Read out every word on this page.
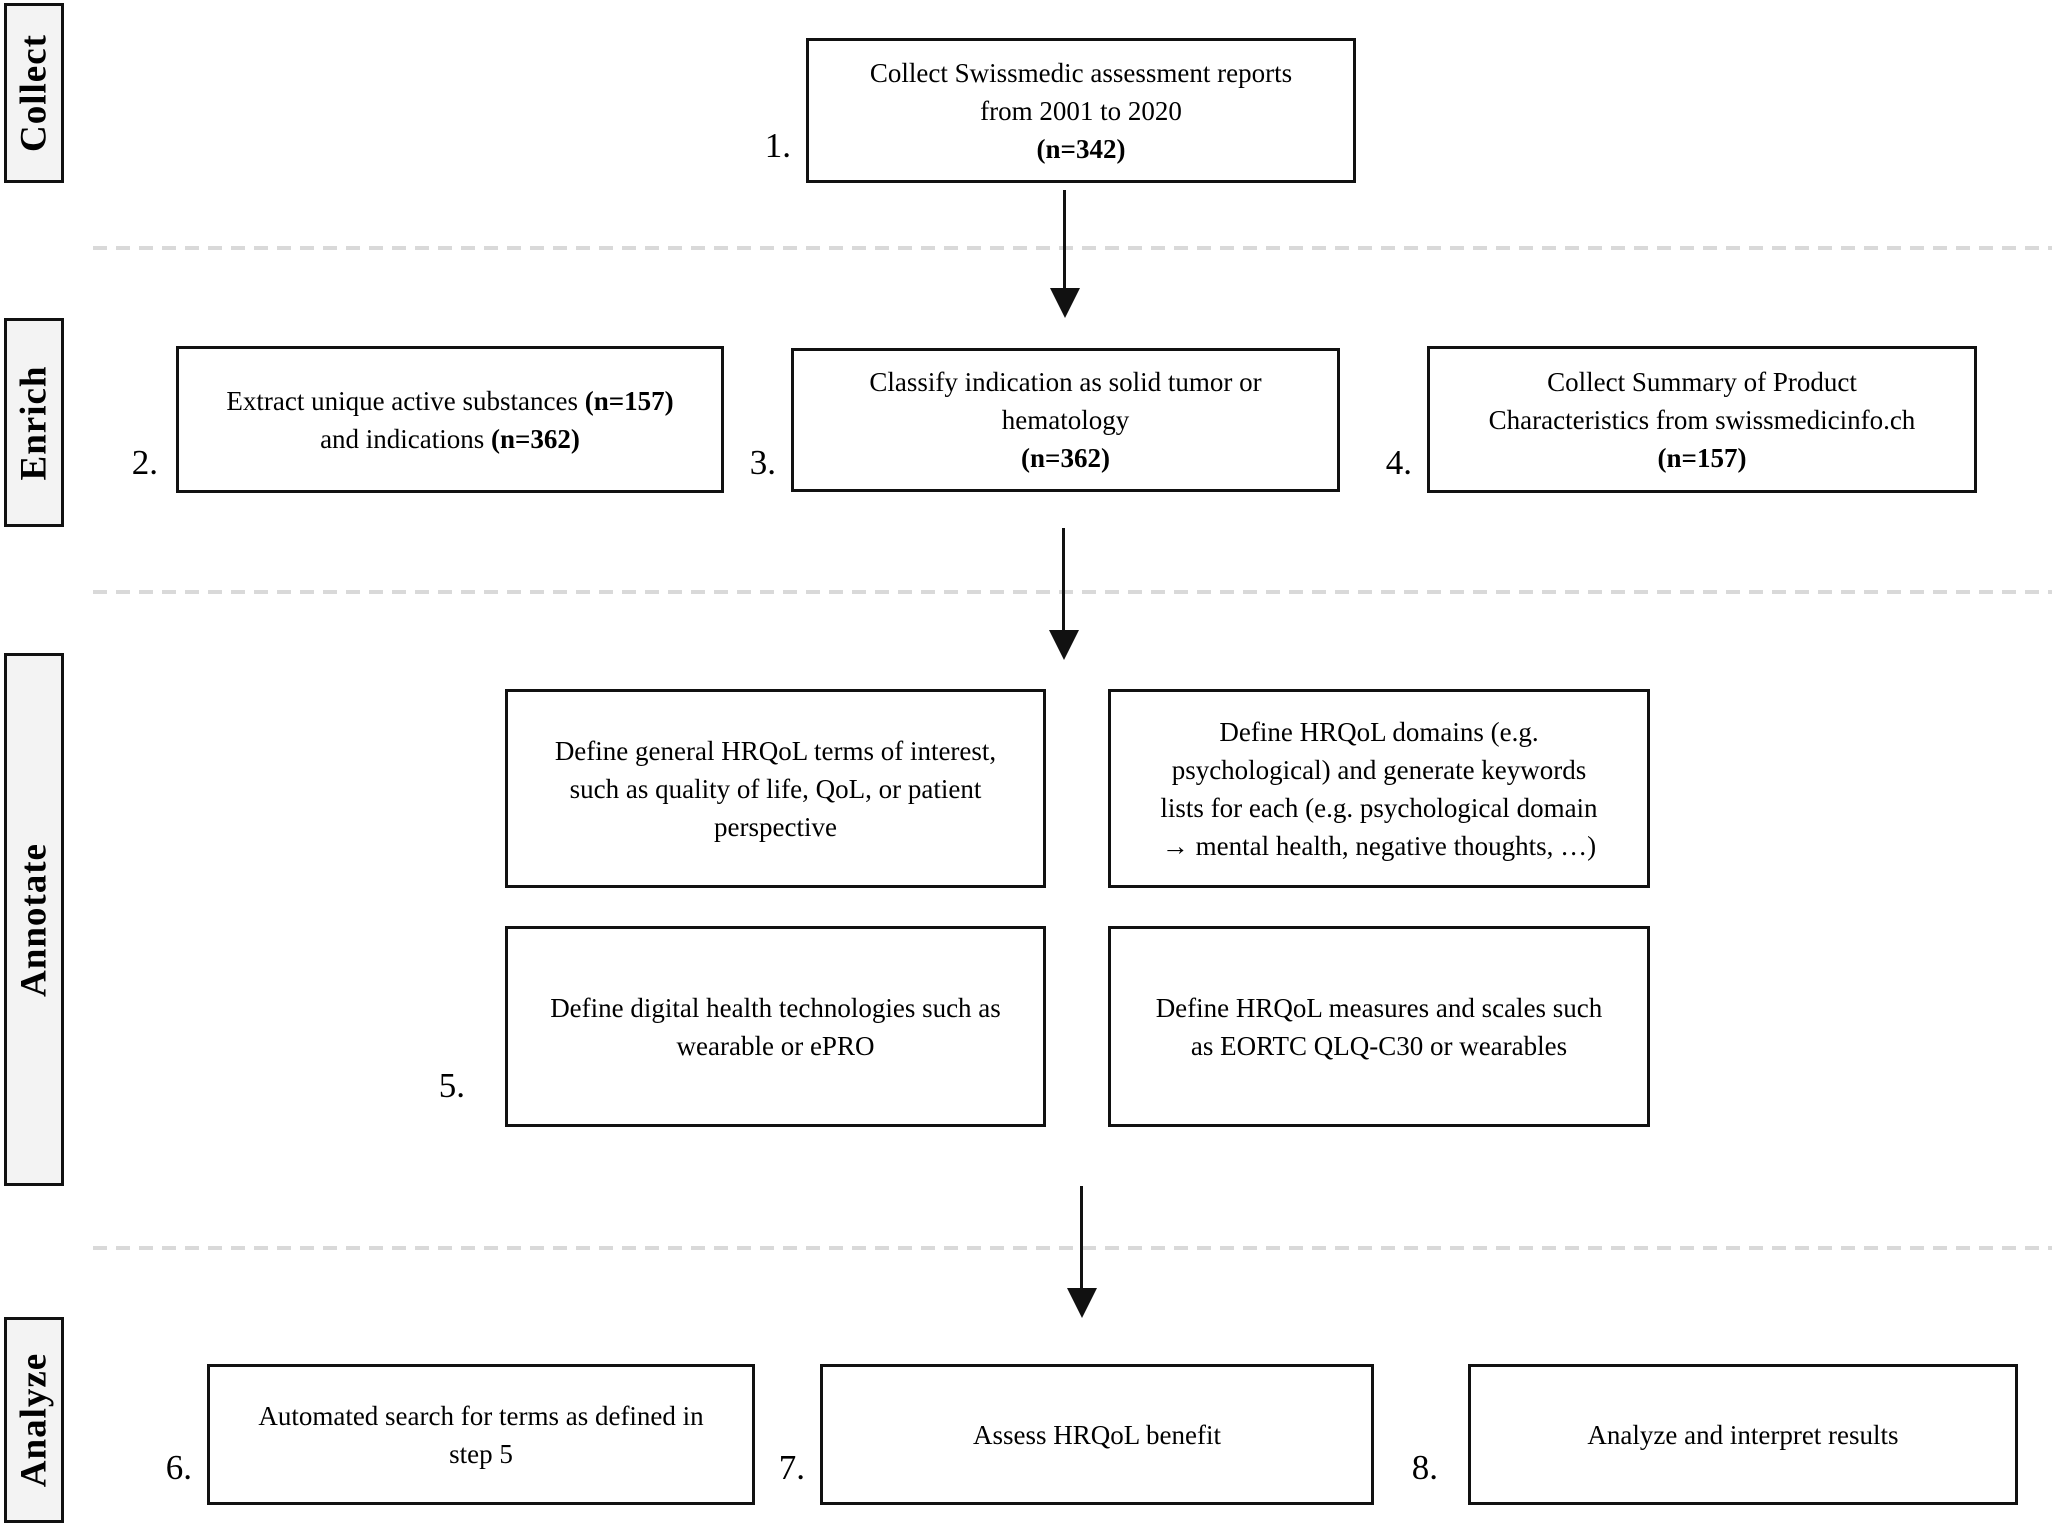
Collect
Enrich
Annotate
Analyze
1.
2.	3.	4.
5.
6.	7.	8.
Collect Swissmedic assessment reports
from 2001 to 2020
(n=342)
Extract unique active substances (n=157)
and indications (n=362)
Classify indication as solid tumor or
hematology
(n=362)
Collect Summary of Product
Characteristics from swissmedicinfo.ch
(n=157)
Define general HRQoL terms of interest,
such as quality of life, QoL, or patient
perspective
Define HRQoL domains (e.g.
psychological) and generate keywords
lists for each (e.g. psychological domain
→ mental health, negative thoughts, …)
Define digital health technologies such as
wearable or ePRO
Define HRQoL measures and scales such
as EORTC QLQ-C30 or wearables
Automated search for terms as defined in
step 5
Assess HRQoL benefit	Analyze and interpret results
